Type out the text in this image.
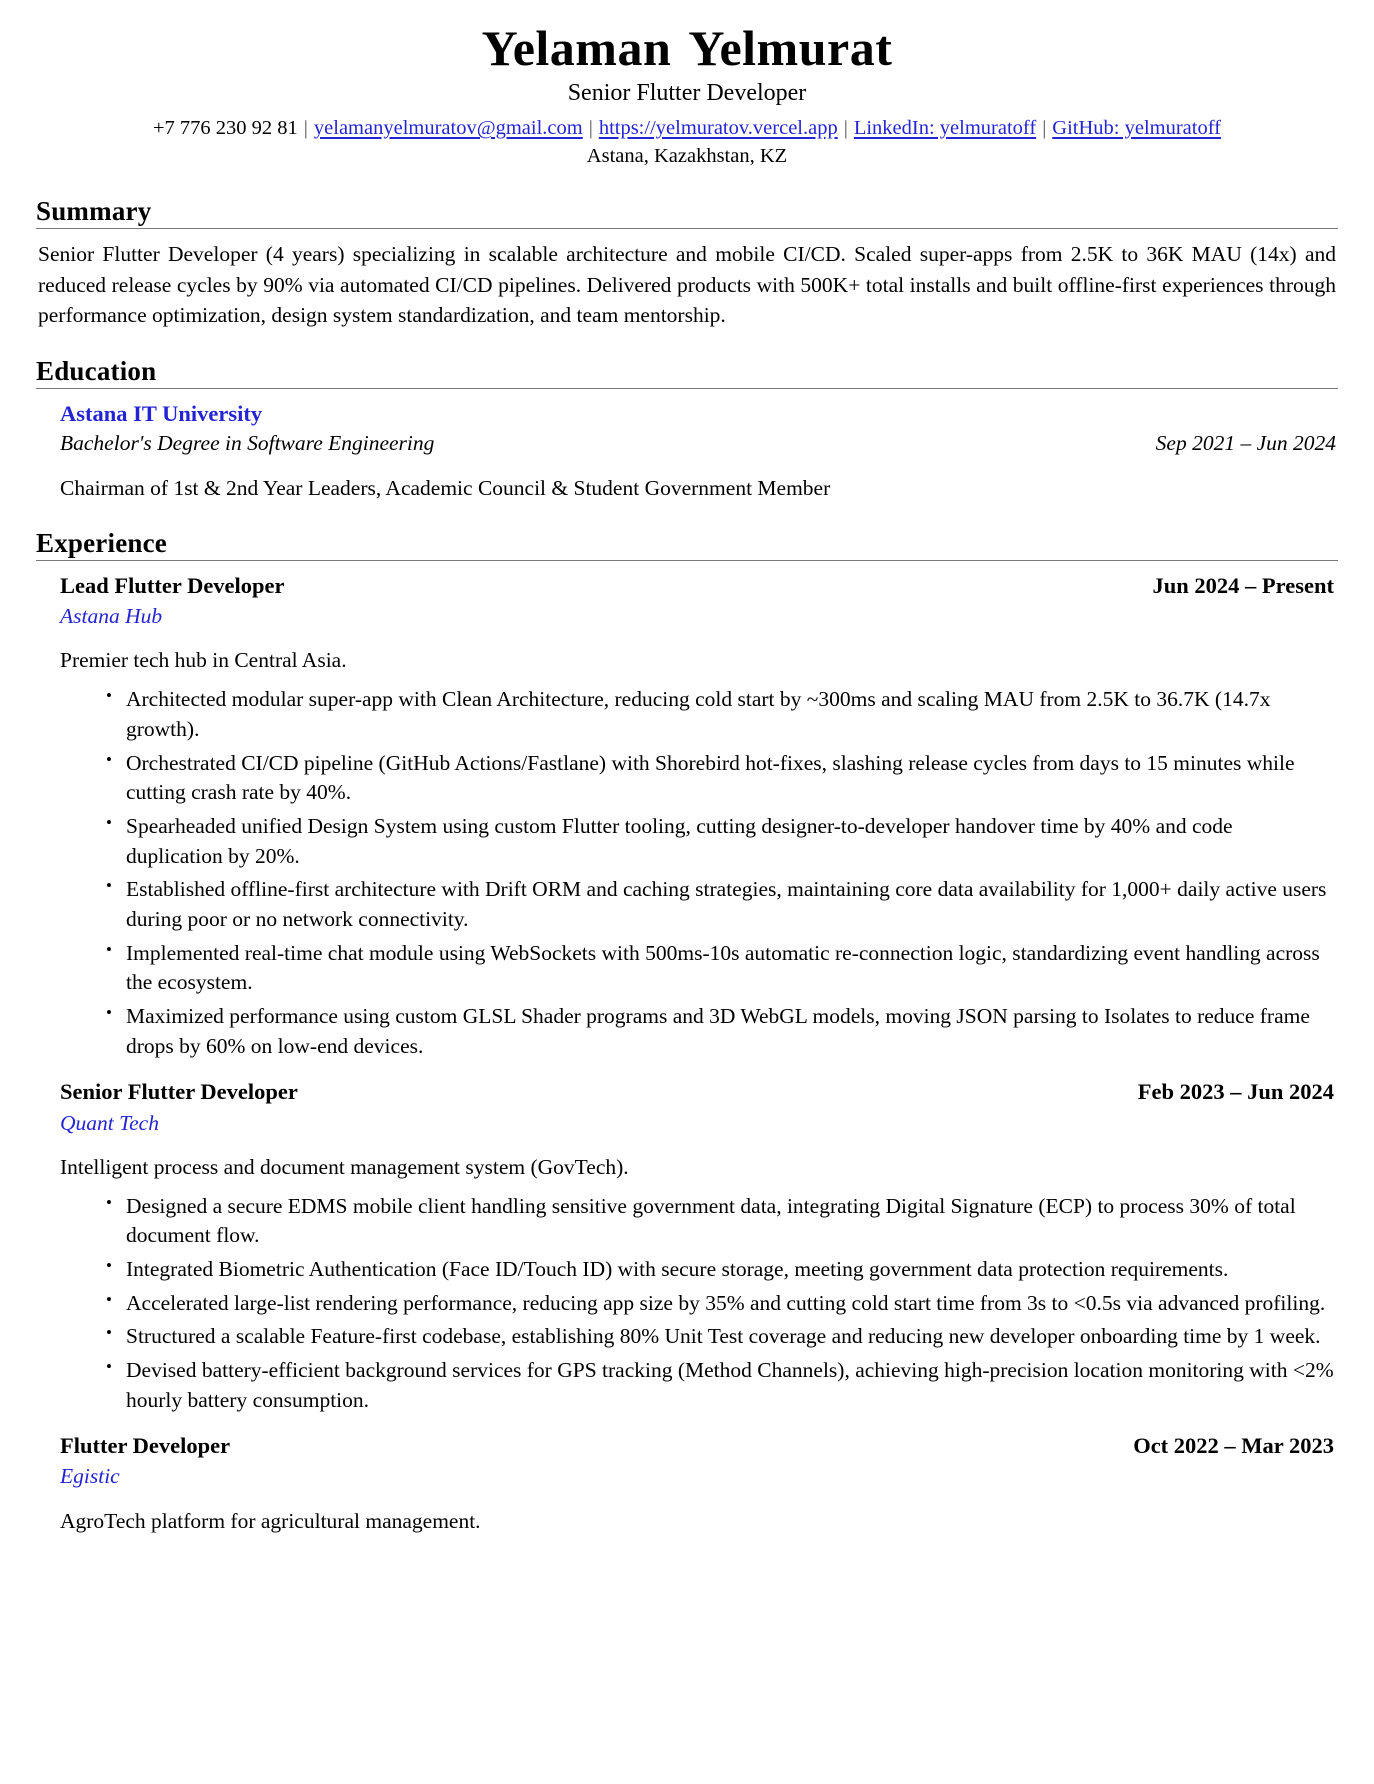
Yelaman Yelmurat
Senior Flutter Developer
+7 776 230 92 81 | yelamanyelmuratov@gmail.com | https://yelmuratov.vercel.app | LinkedIn: yelmuratoff | GitHub: yelmuratoff
Astana, Kazakhstan, KZ
Summary

Senior Flutter Developer (4 years) specializing in scalable architecture and mobile CI/CD. Scaled super-apps from 2.5K to 36K MAU (14x) and reduced release cycles by 90% via automated CI/CD pipelines. Delivered products with 500K+ total installs and built offline-first experiences through performance optimization, design system standardization, and team mentorship.

Education
Astana IT University
Bachelor's Degree in Software Engineering	Sep 2021 – Jun 2024
Chairman of 1st & 2nd Year Leaders, Academic Council & Student Government Member
Experience
Lead Flutter Developer	Jun 2024 – Present
Astana Hub
Premier tech hub in Central Asia.
• Architected modular super-app with Clean Architecture, reducing cold start by ~300ms and scaling MAU from 2.5K to 36.7K (14.7x growth).
• Orchestrated CI/CD pipeline (GitHub Actions/Fastlane) with Shorebird hot-fixes, slashing release cycles from days to 15 minutes while cutting crash rate by 40%.
• Spearheaded unified Design System using custom Flutter tooling, cutting designer-to-developer handover time by 40% and code duplication by 20%.
• Established offline-first architecture with Drift ORM and caching strategies, maintaining core data availability for 1,000+ daily active users during poor or no network connectivity.
• Implemented real-time chat module using WebSockets with 500ms-10s automatic re-connection logic, standardizing event handling across the ecosystem.
• Maximized performance using custom GLSL Shader programs and 3D WebGL models, moving JSON parsing to Isolates to reduce frame drops by 60% on low-end devices.
Senior Flutter Developer	Feb 2023 – Jun 2024
Quant Tech
Intelligent process and document management system (GovTech).
• Designed a secure EDMS mobile client handling sensitive government data, integrating Digital Signature (ECP) to process 30% of total document flow.
• Integrated Biometric Authentication (Face ID/Touch ID) with secure storage, meeting government data protection requirements.
• Accelerated large-list rendering performance, reducing app size by 35% and cutting cold start time from 3s to <0.5s via advanced profiling.
• Structured a scalable Feature-first codebase, establishing 80% Unit Test coverage and reducing new developer onboarding time by 1 week.
• Devised battery-efficient background services for GPS tracking (Method Channels), achieving high-precision location monitoring with <2% hourly battery consumption.
Flutter Developer	Oct 2022 – Mar 2023
Egistic
AgroTech platform for agricultural management.
